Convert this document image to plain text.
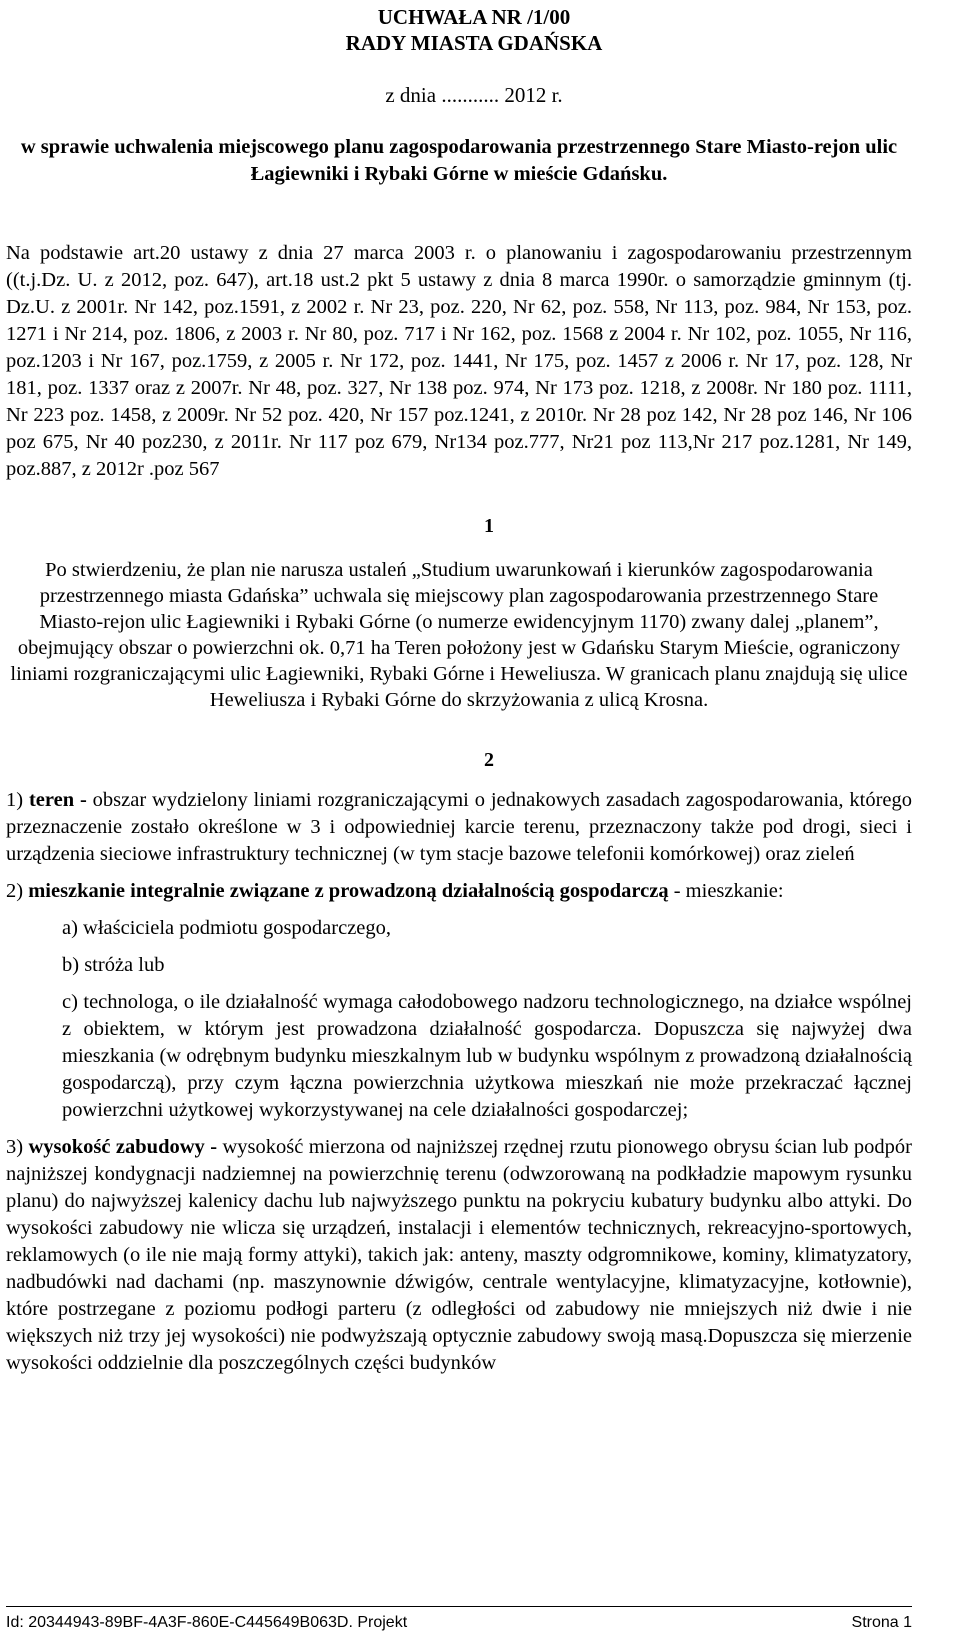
UCHWAŁA NR /1/00
RADY MIASTA GDAŃSKA
z dnia ........... 2012 r.
w sprawie uchwalenia miejscowego planu zagospodarowania przestrzennego Stare Miasto-rejon ulic Łagiewniki i Rybaki Górne w mieście Gdańsku.
Na podstawie art.20 ustawy z dnia 27 marca 2003 r. o planowaniu i zagospodarowaniu przestrzennym ((t.j.Dz. U. z 2012, poz. 647), art.18 ust.2 pkt 5 ustawy z dnia 8 marca 1990r. o samorządzie gminnym (tj. Dz.U. z 2001r. Nr 142, poz.1591, z 2002 r. Nr 23, poz. 220, Nr 62, poz. 558, Nr 113, poz. 984, Nr 153, poz. 1271 i Nr 214, poz. 1806, z 2003 r. Nr 80, poz. 717 i Nr 162, poz. 1568 z 2004 r. Nr 102, poz. 1055, Nr 116, poz.1203 i Nr 167, poz.1759, z 2005 r. Nr 172, poz. 1441, Nr 175, poz. 1457 z 2006 r. Nr 17, poz. 128, Nr 181, poz. 1337 oraz z 2007r. Nr 48, poz. 327, Nr 138 poz. 974, Nr 173 poz. 1218, z 2008r. Nr 180 poz. 1111, Nr 223 poz. 1458, z 2009r. Nr 52 poz. 420, Nr 157 poz.1241, z 2010r. Nr 28 poz 142, Nr 28 poz 146, Nr 106 poz 675, Nr 40 poz230, z 2011r. Nr 117 poz 679, Nr134 poz.777, Nr21 poz 113,Nr 217 poz.1281, Nr 149, poz.887, z 2012r .poz 567
1
Po stwierdzeniu, że plan nie narusza ustaleń „Studium uwarunkowań i kierunków zagospodarowania przestrzennego miasta Gdańska” uchwala się miejscowy plan zagospodarowania przestrzennego Stare Miasto-rejon ulic Łagiewniki i Rybaki Górne (o numerze ewidencyjnym 1170) zwany dalej „planem”, obejmujący obszar o powierzchni ok. 0,71 ha Teren położony jest w Gdańsku Starym Mieście, ograniczony liniami rozgraniczającymi ulic Łagiewniki, Rybaki Górne i Heweliusza. W granicach planu znajdują się ulice Heweliusza i Rybaki Górne do skrzyżowania z ulicą Krosna.
2
1) teren - obszar wydzielony liniami rozgraniczającymi o jednakowych zasadach zagospodarowania, którego przeznaczenie zostało określone w 3 i odpowiedniej karcie terenu, przeznaczony także pod drogi, sieci i urządzenia sieciowe infrastruktury technicznej (w tym stacje bazowe telefonii komórkowej) oraz zieleń
2) mieszkanie integralnie związane z prowadzoną działalnością gospodarczą - mieszkanie:
a) właściciela podmiotu gospodarczego,
b) stróża lub
c) technologa, o ile działalność wymaga całodobowego nadzoru technologicznego, na działce wspólnej z obiektem, w którym jest prowadzona działalność gospodarcza. Dopuszcza się najwyżej dwa mieszkania (w odrębnym budynku mieszkalnym lub w budynku wspólnym z prowadzoną działalnością gospodarczą), przy czym łączna powierzchnia użytkowa mieszkań nie może przekraczać łącznej powierzchni użytkowej wykorzystywanej na cele działalności gospodarczej;
3) wysokość zabudowy - wysokość mierzona od najniższej rzędnej rzutu pionowego obrysu ścian lub podpór najniższej kondygnacji nadziemnej na powierzchnię terenu (odwzorowaną na podkładzie mapowym rysunku planu) do najwyższej kalenicy dachu lub najwyższego punktu na pokryciu kubatury budynku albo attyki. Do wysokości zabudowy nie wlicza się urządzeń, instalacji i elementów technicznych, rekreacyjno-sportowych, reklamowych (o ile nie mają formy attyki), takich jak: anteny, maszty odgromnikowe, kominy, klimatyzatory, nadbudówki nad dachami (np. maszynownie dźwigów, centrale wentylacyjne, klimatyzacyjne, kotłownie), które postrzegane z poziomu podłogi parteru (z odległości od zabudowy nie mniejszych niż dwie i nie większych niż trzy jej wysokości) nie podwyższają optycznie zabudowy swoją masą.Dopuszcza się mierzenie wysokości oddzielnie dla poszczególnych części budynków
Id: 20344943-89BF-4A3F-860E-C445649B063D. Projekt	Strona 1
